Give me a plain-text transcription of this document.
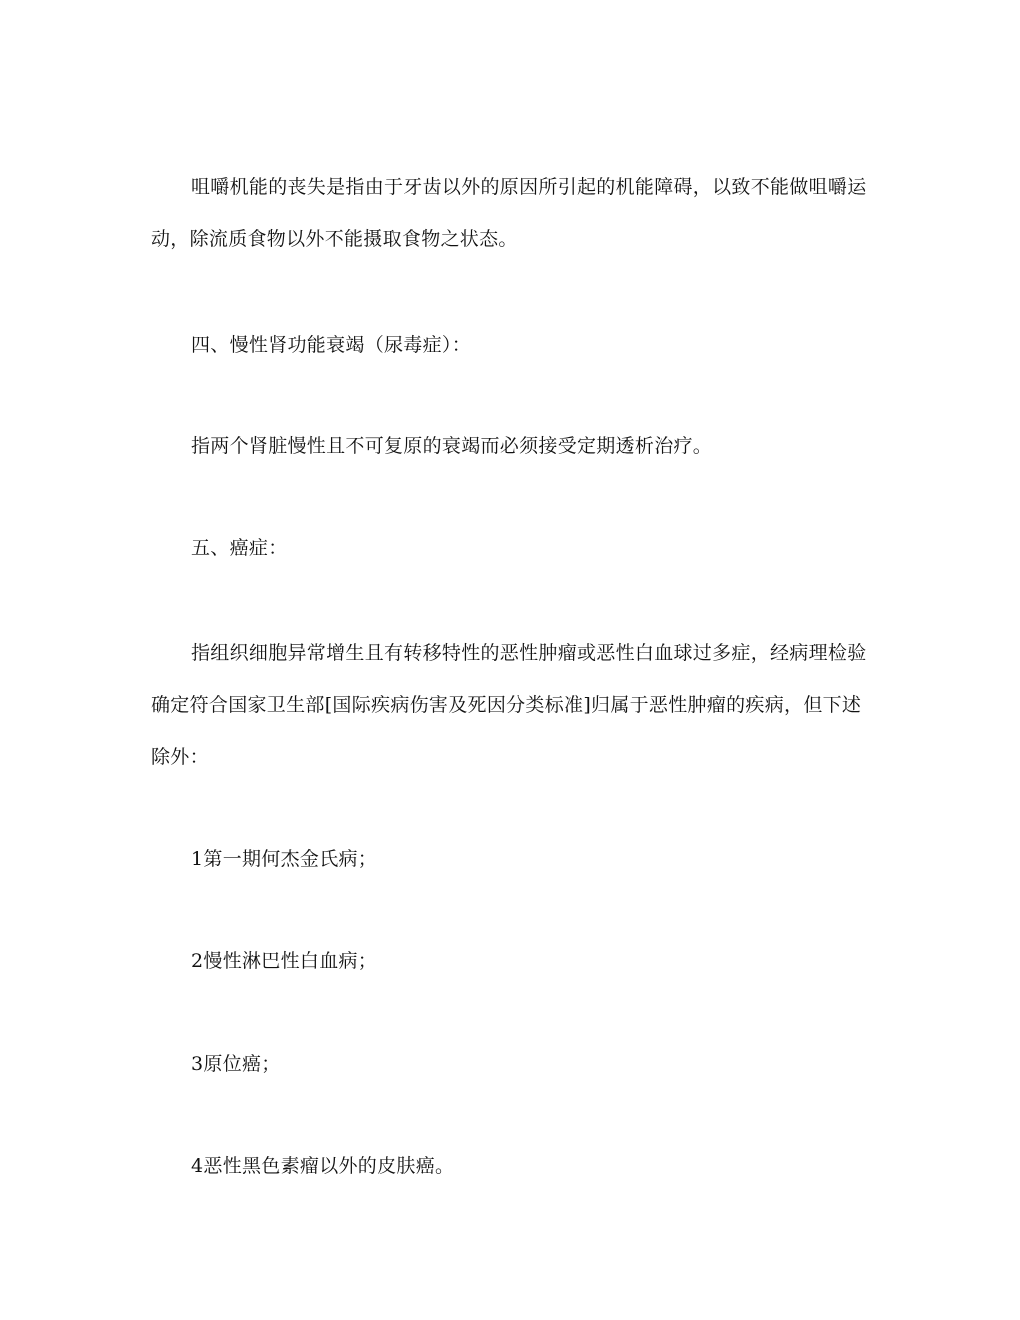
咀嚼机能的丧失是指由于牙齿以外的原因所引起的机能障碍，以致不能做咀嚼运动，除流质食物以外不能摄取食物之状态。

四、慢性肾功能衰竭（尿毒症）：

指两个肾脏慢性且不可复原的衰竭而必须接受定期透析治疗。

五、癌症：

指组织细胞异常增生且有转移特性的恶性肿瘤或恶性白血球过多症，经病理检验确定符合国家卫生部[国际疾病伤害及死因分类标准]归属于恶性肿瘤的疾病，但下述除外：

1第一期何杰金氏病；

2慢性淋巴性白血病；

3原位癌；

4恶性黑色素瘤以外的皮肤癌。
